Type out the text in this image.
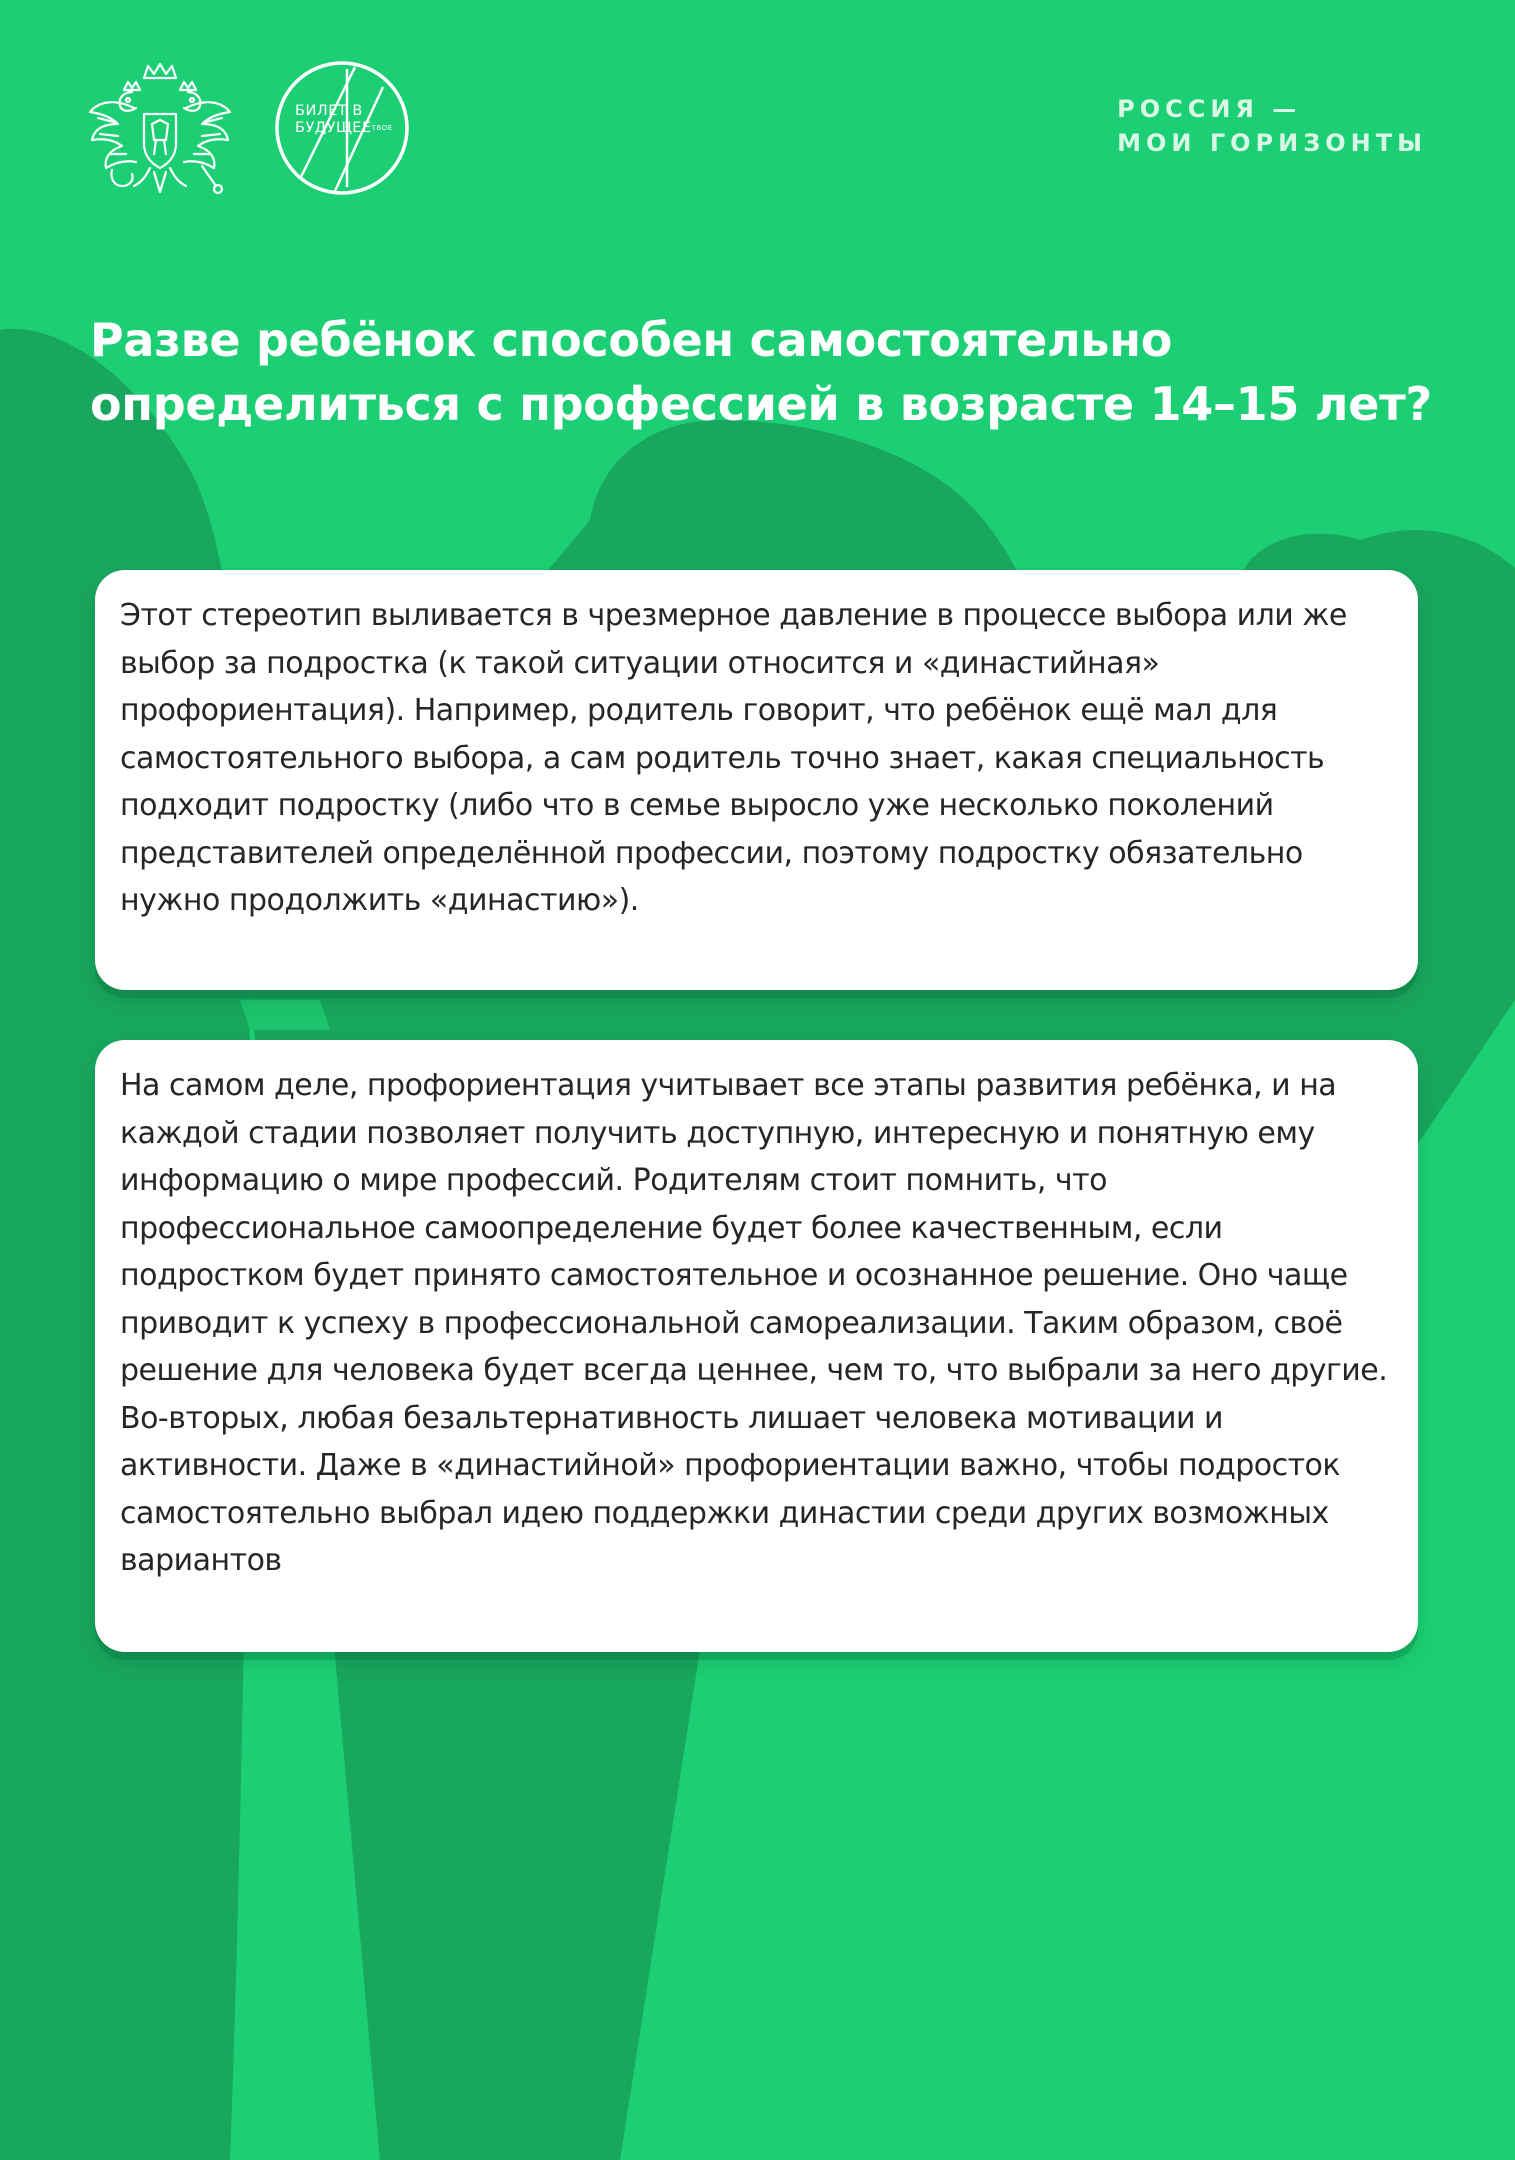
БИЛЕТ В
$БУДУЩЕЕ^{ТВОЕ}$
РОССИЯ —
МОИ ГОРИЗОНТЫ
Разве ребёнок способен самостоятельно определиться с профессией в возрасте 14–15 лет?

Этот стереотип выливается в чрезмерное давление в процессе выбора или же выбор за подростка (к такой ситуации относится и «династийная» профориентация). Например, родитель говорит, что ребёнок ещё мал для самостоятельного выбора, а сам родитель точно знает, какая специальность подходит подростку (либо что в семье выросло уже несколько поколений представителей определённой профессии, поэтому подростку обязательно нужно продолжить «династию»).

На самом деле, профориентация учитывает все этапы развития ребёнка, и на каждой стадии позволяет получить доступную, интересную и понятную ему информацию о мире профессий. Родителям стоит помнить, что профессиональное самоопределение будет более качественным, если подростком будет принято самостоятельное и осознанное решение. Оно чаще приводит к успеху в профессиональной самореализации. Таким образом, своё решение для человека будет всегда ценнее, чем то, что выбрали за него другие. Во-вторых, любая безальтернативность лишает человека мотивации и активности. Даже в «династийной» профориентации важно, чтобы подросток самостоятельно выбрал идею поддержки династии среди других возможных вариантов
